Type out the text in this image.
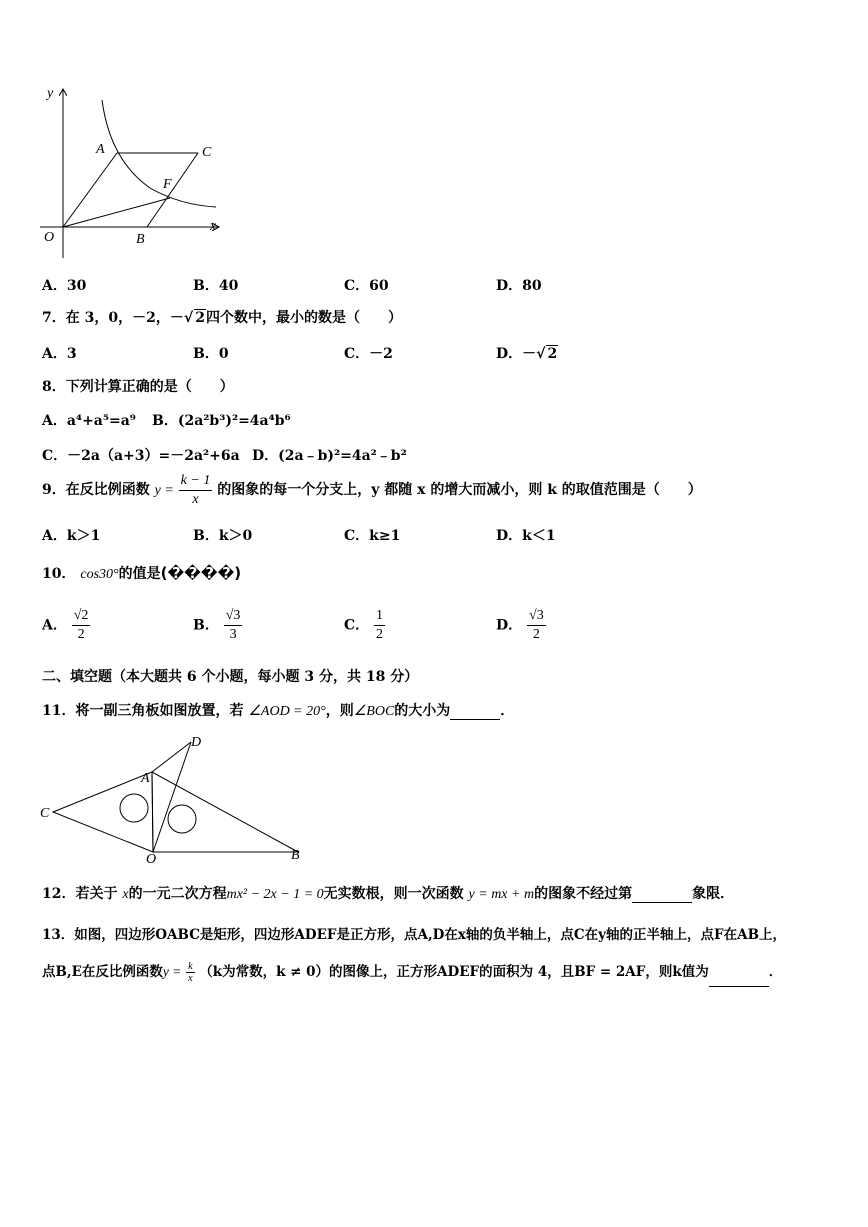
y
x
O
A
B
C
F
A．30	B．40	C．60	D．80
7．在 3，0，－2，－√ 2四个数中，最小的数是（　　）
A．3	B．0	C．－2	D．－√ 2
8．下列计算正确的是（　　）
A．a⁴+a⁵=a⁹ B．(2a²b³)²=4a⁴b⁶
C．－2a（a+3）=－2a²+6a D．(2a﹣b)²=4a²﹣b²
9．在反比例函数 $y = \frac{k - 1}{x}$ 的图象的每一个分支上，y 都随 x 的增大而减小，则 k 的取值范围是（　　）
A．k＞1	B．k＞0	C．k≥1	D．k＜1
10． cos30°的值是(����)
A． $\frac{√2}{2}$	B． $\frac{√3}{3}$	C． $\frac{1}{2}$	D． $\frac{√3}{2}$
二、填空题（本大题共 6 个小题，每小题 3 分，共 18 分）
11．将一副三角板如图放置，若 ∠AOD = 20°，则∠BOC的大小为	．
D
A
C
O	B
12．若关于 x的一元二次方程mx² − 2x − 1 = 0无实数根，则一次函数 y = mx + m的图象不经过第	象限．
13．如图，四边形OABC是矩形，四边形ADEF是正方形，点A,D在x轴的负半轴上，点C在y轴的正半轴上，点F在AB上，
点B,E在反比例函数$y = \frac{k}{x} (k$为常数，k ≠ 0）的图像上，正方形ADEF的面积为 4，且BF = 2AF，则k值为	．
